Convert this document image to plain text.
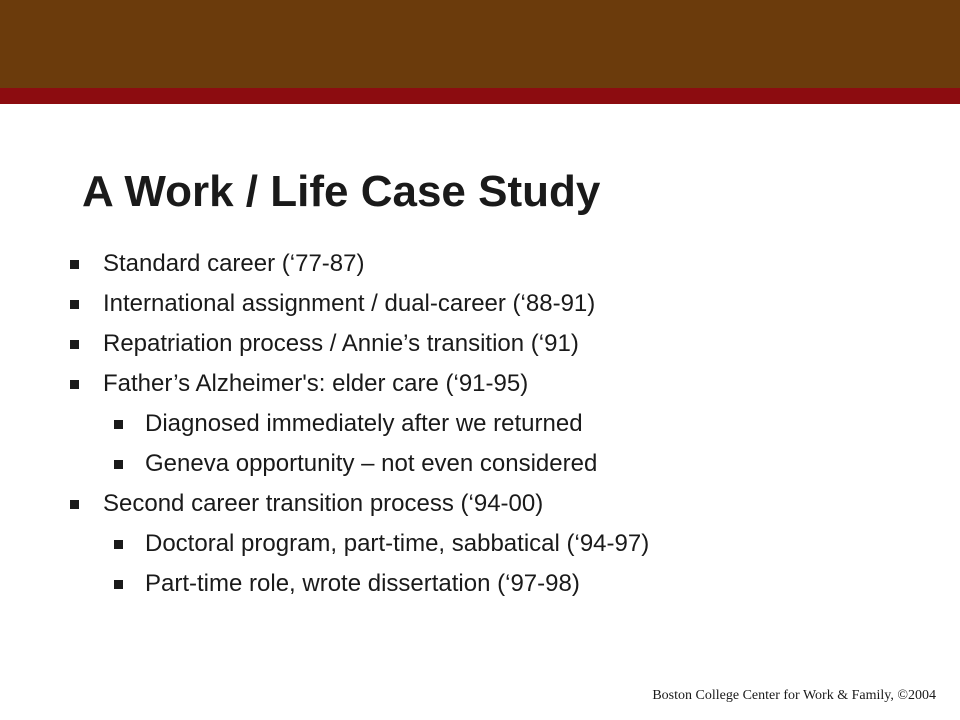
A Work / Life Case Study
Standard career (‘77-87)
International assignment / dual-career (‘88-91)
Repatriation process / Annie’s transition (‘91)
Father’s Alzheimer's: elder care (‘91-95)
Diagnosed immediately after we returned
Geneva opportunity – not even considered
Second career transition process (‘94-00)
Doctoral program, part-time, sabbatical (‘94-97)
Part-time role, wrote dissertation (‘97-98)
Boston College Center for Work & Family, ©2004
